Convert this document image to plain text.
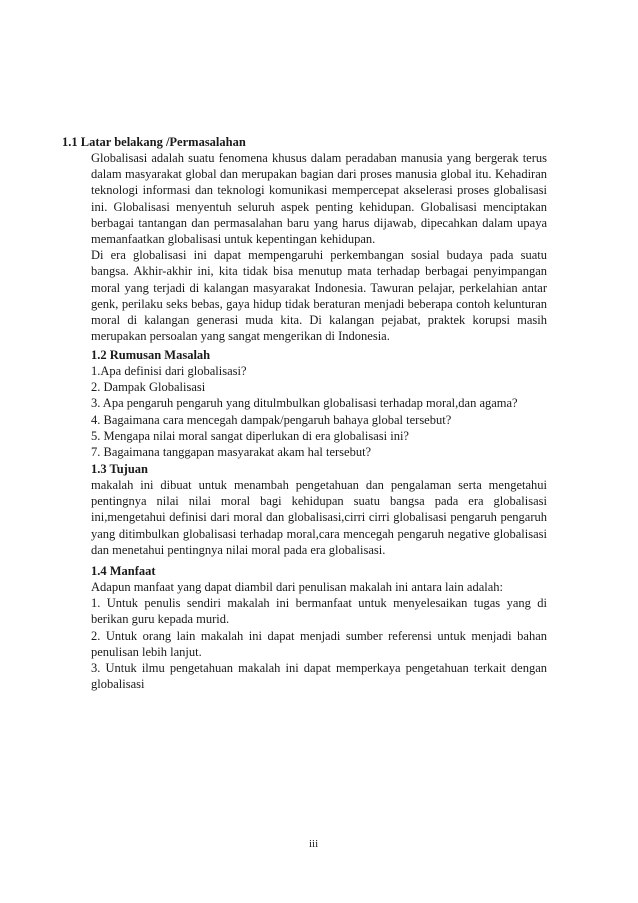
1.1 Latar belakang /Permasalahan

Globalisasi adalah suatu fenomena khusus dalam peradaban manusia yang bergerak terus dalam masyarakat global dan merupakan bagian dari proses manusia global itu. Kehadiran teknologi informasi dan teknologi komunikasi mempercepat akselerasi proses globalisasi ini. Globalisasi menyentuh seluruh aspek penting kehidupan. Globalisasi menciptakan berbagai tantangan dan permasalahan baru yang harus dijawab, dipecahkan dalam upaya memanfaatkan globalisasi untuk kepentingan kehidupan.

Di era globalisasi ini dapat mempengaruhi perkembangan sosial budaya pada suatu bangsa. Akhir-akhir ini, kita tidak bisa menutup mata terhadap berbagai penyimpangan moral yang terjadi di kalangan masyarakat Indonesia. Tawuran pelajar, perkelahian antar genk, perilaku seks bebas, gaya hidup tidak beraturan menjadi beberapa contoh kelunturan moral di kalangan generasi muda kita. Di kalangan pejabat, praktek korupsi masih merupakan persoalan yang sangat mengerikan di Indonesia.

1.2 Rumusan Masalah
1.Apa definisi dari globalisasi?
2. Dampak Globalisasi
3. Apa pengaruh pengaruh yang ditulmbulkan globalisasi terhadap moral,dan agama?
4. Bagaimana cara mencegah dampak/pengaruh bahaya global tersebut?
5. Mengapa nilai moral sangat diperlukan di era globalisasi ini?
7. Bagaimana tanggapan masyarakat akam hal tersebut?
1.3 Tujuan

makalah ini dibuat untuk menambah pengetahuan dan pengalaman serta mengetahui pentingnya nilai nilai moral bagi kehidupan suatu bangsa pada era globalisasi ini,mengetahui definisi dari moral dan globalisasi,cirri cirri globalisasi pengaruh pengaruh yang ditimbulkan globalisasi terhadap moral,cara mencegah pengaruh negative globalisasi dan menetahui pentingnya nilai moral pada era globalisasi.

1.4 Manfaat

Adapun manfaat yang dapat diambil dari penulisan makalah ini antara lain adalah:

1. Untuk penulis sendiri makalah ini bermanfaat untuk menyelesaikan tugas yang di berikan guru kepada murid.

2. Untuk orang lain makalah ini dapat menjadi sumber referensi untuk menjadi bahan penulisan lebih lanjut.

3. Untuk ilmu pengetahuan makalah ini dapat memperkaya pengetahuan terkait dengan globalisasi

iii
